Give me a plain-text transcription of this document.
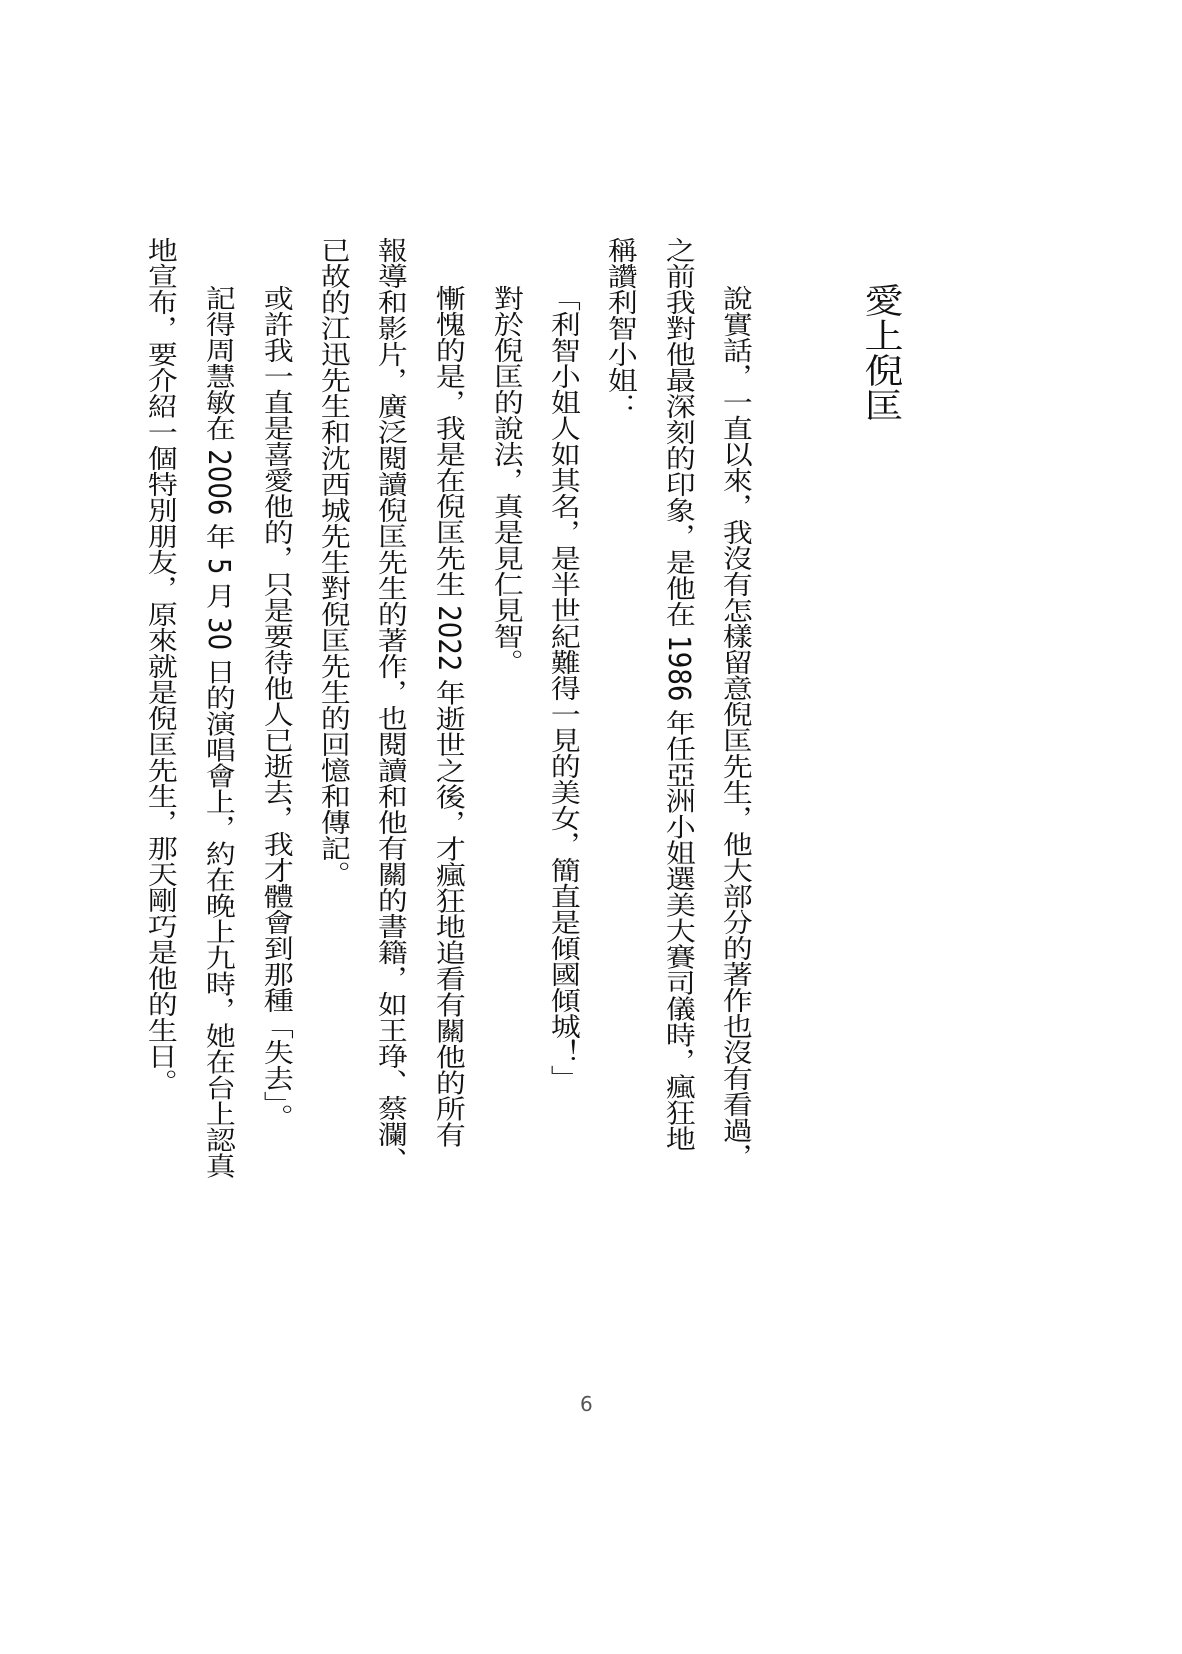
愛上倪匡
說實話，一直以來，我沒有怎樣留意倪匡先生，他大部分的著作也沒有看過，
之前我對他最深刻的印象，是他在 1986 年任亞洲小姐選美大賽司儀時，瘋狂地
稱讚利智小姐：
「利智小姐人如其名，是半世紀難得一見的美女，簡直是傾國傾城！」
對於倪匡的說法，真是見仁見智。
慚愧的是，我是在倪匡先生 2022 年逝世之後，才瘋狂地追看有關他的所有
報導和影片，廣泛閱讀倪匡先生的著作，也閱讀和他有關的書籍，如王琤、蔡瀾、
已故的江迅先生和沈西城先生對倪匡先生的回憶和傳記。
或許我一直是喜愛他的，只是要待他人已逝去，我才體會到那種「失去」。
記得周慧敏在 2006 年 5 月 30 日的演唱會上，約在晚上九時，她在台上認真
地宣布，要介紹一個特別朋友，原來就是倪匡先生，那天剛巧是他的生日。
6
